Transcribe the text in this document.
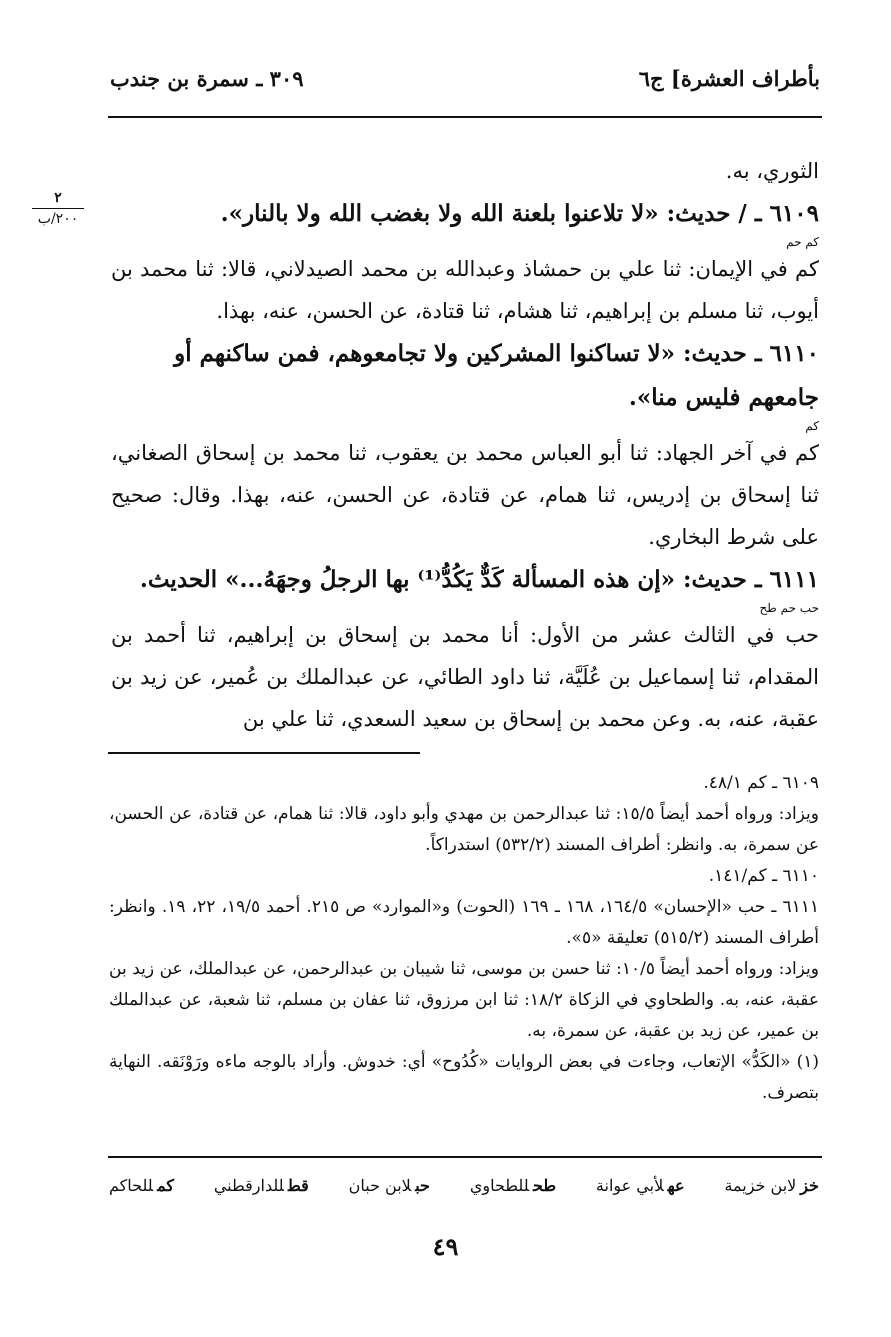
بأطراف العشرة] ج٦
٣٠٩ ـ سمرة بن جندب
٢
٢٠٠/ب

الثوري، به.

٦١٠٩ ـ / حديث: «لا تلاعنوا بلعنة الله ولا بغضب الله ولا بالنار».

كم حم

كم في الإيمان: ثنا علي بن حمشاذ وعبدالله بن محمد الصيدلاني، قالا: ثنا محمد بن أيوب، ثنا مسلم بن إبراهيم، ثنا هشام، ثنا قتادة، عن الحسن، عنه، بهذا.

٦١١٠ ـ حديث: «لا تساكنوا المشركين ولا تجامعوهم، فمن ساكنهم أو جامعهم فليس منا».

كم

كم في آخر الجهاد: ثنا أبو العباس محمد بن يعقوب، ثنا محمد بن إسحاق الصغاني، ثنا إسحاق بن إدريس، ثنا همام، عن قتادة، عن الحسن، عنه، بهذا. وقال: صحيح على شرط البخاري.

٦١١١ ـ حديث: «إن هذه المسألة كَدٌّ يَكُدُّ⁽¹⁾ بها الرجلُ وجهَهُ...» الحديث.

حب حم طح

حب في الثالث عشر من الأول: أنا محمد بن إسحاق بن إبراهيم، ثنا أحمد بن المقدام، ثنا إسماعيل بن عُلَيَّة، ثنا داود الطائي، عن عبدالملك بن عُمير، عن زيد بن عقبة، عنه، به. وعن محمد بن إسحاق بن سعيد السعدي، ثنا علي بن

٦١٠٩ ـ كم ٤٨/١.

ويزاد: ورواه أحمد أيضاً ١٥/٥: ثنا عبدالرحمن بن مهدي وأبو داود، قالا: ثنا همام، عن قتادة، عن الحسن، عن سمرة، به. وانظر: أطراف المسند (٥٣٢/٢) استدراكاً.

٦١١٠ ـ كم/١٤١.

٦١١١ ـ حب «الإحسان» ١٦٤/٥، ١٦٨ ـ ١٦٩ (الحوت) و«الموارد» ص ٢١٥. أحمد ١٩/٥، ٢٢، ١٩. وانظر: أطراف المسند (٥١٥/٢) تعليقة «٥».

ويزاد: ورواه أحمد أيضاً ١٠/٥: ثنا حسن بن موسى، ثنا شيبان بن عبدالرحمن، عن عبدالملك، عن زيد بن عقبة، عنه، به. والطحاوي في الزكاة ١٨/٢: ثنا ابن مرزوق، ثنا عفان بن مسلم، ثنا شعبة، عن عبدالملك بن عمير، عن زيد بن عقبة، عن سمرة، به.

(١) «الكَدُّ» الإتعاب، وجاءت في بعض الروايات «كُدُوح» أي: خدوش. وأراد بالوجه ماءه ورَوْنَقه. النهاية بتصرف.

خزلابن خزيمة
عهلأبي عوانة
طحللطحاوي
حبلابن حبان
قطللدارقطني
كمللحاكم
٤٩
